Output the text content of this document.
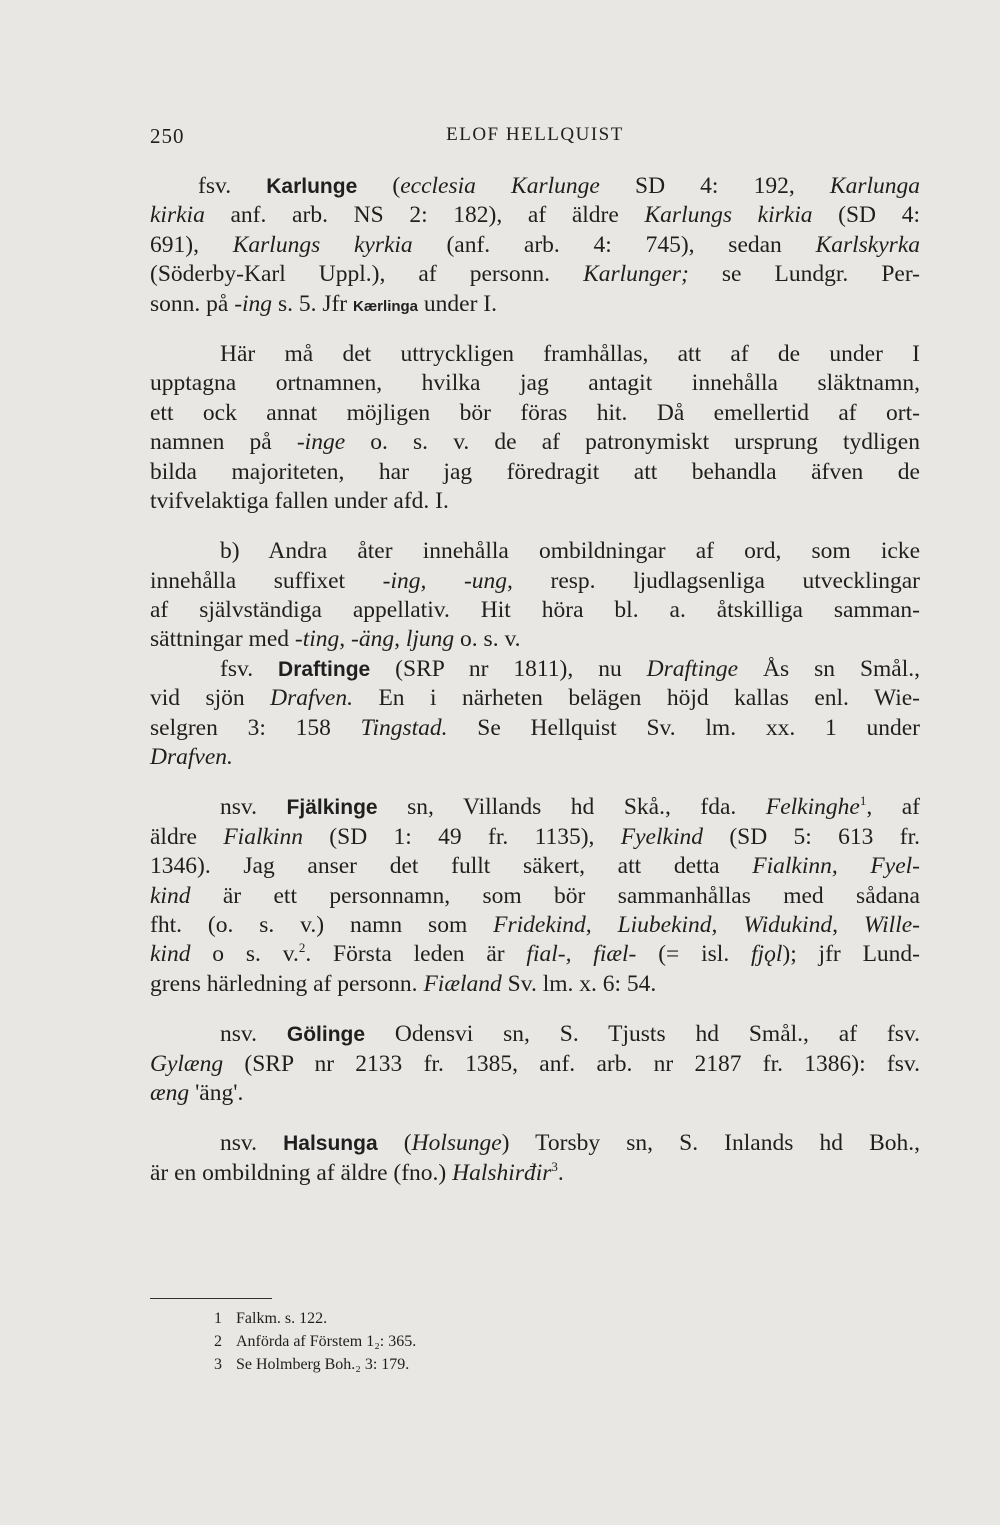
250	ELOF HELLQUIST
fsv. Karlunge (ecclesia Karlunge SD 4: 192, Karlunga
kirkia anf. arb. NS 2: 182), af äldre Karlungs kirkia (SD 4:
691), Karlungs kyrkia (anf. arb. 4: 745), sedan Karlskyrka
(Söderby-Karl Uppl.), af personn. Karlunger; se Lundgr. Per-
sonn. på -ing s. 5. Jfr Kærlinga under I.
Här må det uttryckligen framhållas, att af de under I
upptagna ortnamnen, hvilka jag antagit innehålla släktnamn,
ett ock annat möjligen bör föras hit. Då emellertid af ort-
namnen på -inge o. s. v. de af patronymiskt ursprung tydligen
bilda majoriteten, har jag föredragit att behandla äfven de
tvifvelaktiga fallen under afd. I.
b) Andra åter innehålla ombildningar af ord, som icke
innehålla suffixet -ing, -ung, resp. ljudlagsenliga utvecklingar
af självständiga appellativ. Hit höra bl. a. åtskilliga samman-
sättningar med -ting, -äng, ljung o. s. v.
fsv. Draftinge (SRP nr 1811), nu Draftinge Ås sn Smål.,
vid sjön Drafven. En i närheten belägen höjd kallas enl. Wie-
selgren 3: 158 Tingstad. Se Hellquist Sv. lm. xx. 1 under
Drafven.
nsv. Fjälkinge sn, Villands hd Skå., fda. Felkinghe$^1$, af
äldre Fialkinn (SD 1: 49 fr. 1135), Fyelkind (SD 5: 613 fr.
1346). Jag anser det fullt säkert, att detta Fialkinn, Fyel-
kind är ett personnamn, som bör sammanhållas med sådana
fht. (o. s. v.) namn som Fridekind, Liubekind, Widukind, Wille-
kind o s. v.$^2$. Första leden är fial-, fiæl- (= isl. fjǫl); jfr Lund-
grens härledning af personn. Fiæland Sv. lm. x. 6: 54.
nsv. Gölinge Odensvi sn, S. Tjusts hd Smål., af fsv.
Gylæng (SRP nr 2133 fr. 1385, anf. arb. nr 2187 fr. 1386): fsv.
æng 'äng'.
nsv. Halsunga (Holsunge) Torsby sn, S. Inlands hd Boh.,
är en ombildning af äldre (fno.) Halshirđir$^3$.
1 Falkm. s. 122.
2 Anförda af Förstem 1₂: 365.
3 Se Holmberg Boh.₂ 3: 179.
